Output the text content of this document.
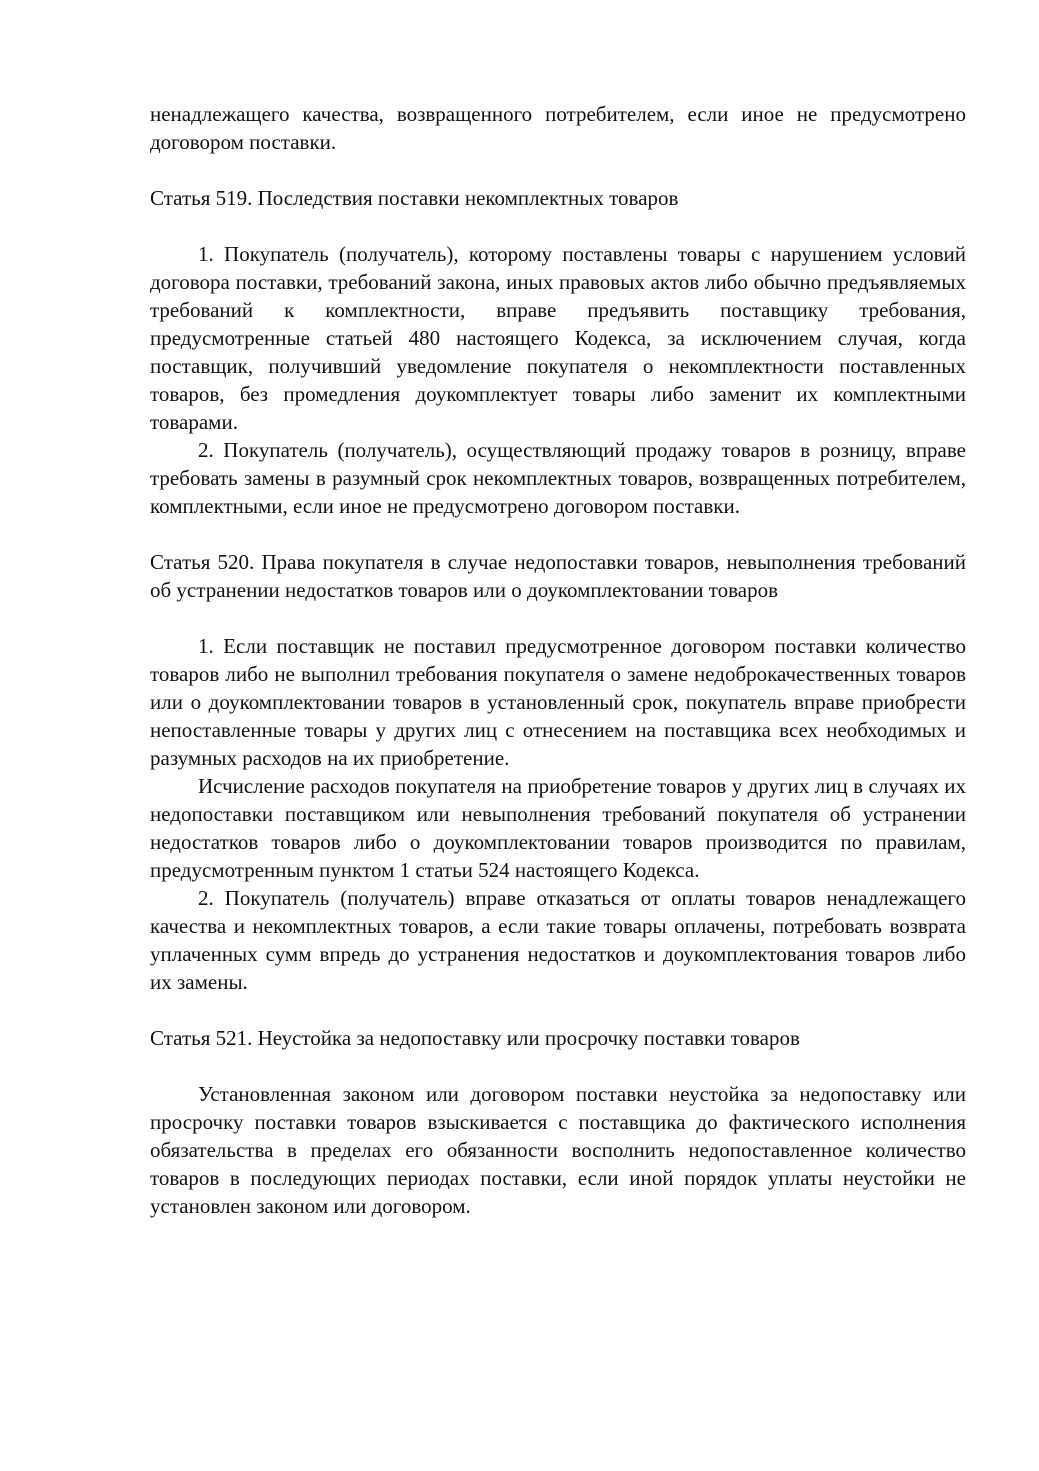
ненадлежащего качества, возвращенного потребителем, если иное не предусмотрено договором поставки.

Статья 519. Последствия поставки некомплектных товаров

1. Покупатель (получатель), которому поставлены товары с нарушением условий договора поставки, требований закона, иных правовых актов либо обычно предъявляемых требований к комплектности, вправе предъявить поставщику требования, предусмотренные статьей 480 настоящего Кодекса, за исключением случая, когда поставщик, получивший уведомление покупателя о некомплектности поставленных товаров, без промедления доукомплектует товары либо заменит их комплектными товарами.

2. Покупатель (получатель), осуществляющий продажу товаров в розницу, вправе требовать замены в разумный срок некомплектных товаров, возвращенных потребителем, комплектными, если иное не предусмотрено договором поставки.

Статья 520. Права покупателя в случае недопоставки товаров, невыполнения требований об устранении недостатков товаров или о доукомплектовании товаров

1. Если поставщик не поставил предусмотренное договором поставки количество товаров либо не выполнил требования покупателя о замене недоброкачественных товаров или о доукомплектовании товаров в установленный срок, покупатель вправе приобрести непоставленные товары у других лиц с отнесением на поставщика всех необходимых и разумных расходов на их приобретение.

Исчисление расходов покупателя на приобретение товаров у других лиц в случаях их недопоставки поставщиком или невыполнения требований покупателя об устранении недостатков товаров либо о доукомплектовании товаров производится по правилам, предусмотренным пунктом 1 статьи 524 настоящего Кодекса.

2. Покупатель (получатель) вправе отказаться от оплаты товаров ненадлежащего качества и некомплектных товаров, а если такие товары оплачены, потребовать возврата уплаченных сумм впредь до устранения недостатков и доукомплектования товаров либо их замены.

Статья 521. Неустойка за недопоставку или просрочку поставки товаров

Установленная законом или договором поставки неустойка за недопоставку или просрочку поставки товаров взыскивается с поставщика до фактического исполнения обязательства в пределах его обязанности восполнить недопоставленное количество товаров в последующих периодах поставки, если иной порядок уплаты неустойки не установлен законом или договором.
